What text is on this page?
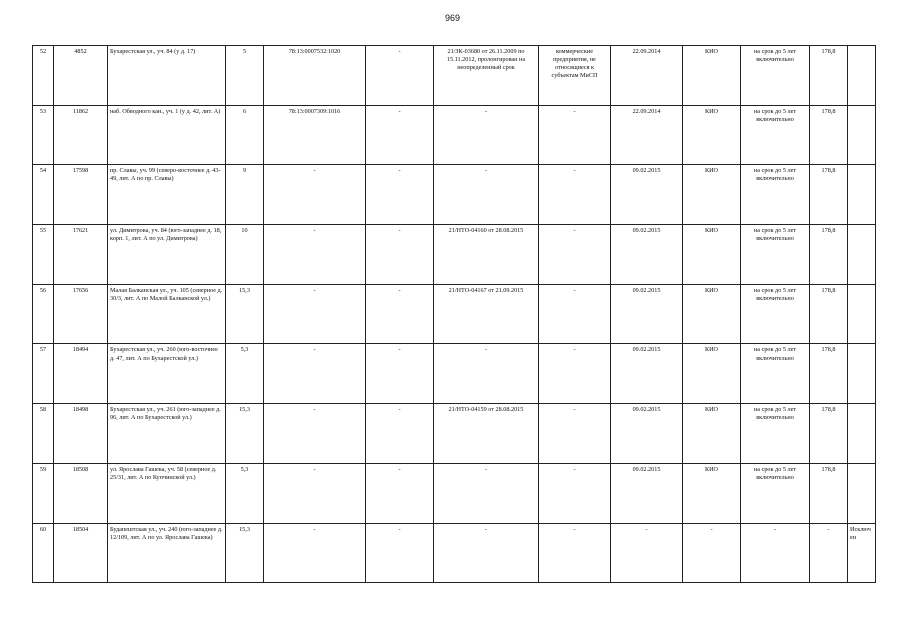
969
52	4852	Бухарестская ул., уч. 84 (у д. 17)	5	78:13:0007532:1020	-	21/ЗК-03680 от 26.11.2009 по 15.11.2012, пролонгирован на неопределенный срок	коммерческие предприятия, не относящиеся к субъектам МиСП	22.09.2014	КИО	на срок до 5 лет включительно	178,8	
53	11862	наб. Обводного кан., уч. 1 (у д. 42, лит. А)	6	78:13:0007309:1016	-	-	-	22.09.2014	КИО	на срок до 5 лет включительно	178,8	
54	17598	пр. Славы, уч. 99 (северо-восточнее д. 43-49, лит. А по пр. Славы)	9	-	-	-	-	09.02.2015	КИО	на срок до 5 лет включительно	178,8	
55	17621	ул. Димитрова, уч. 84 (юго-западнее д. 18, корп. 1, лит. А по ул. Димитрова)	10	-	-	21/НТО-04160 от 28.08.2015	-	09.02.2015	КИО	на срок до 5 лет включительно	178,8	
56	17656	Малая Балканская ул., уч. 105 (северное д. 30/3, лит. А по Малой Балканской ул.)	15,3	-	-	21/НТО-04167 от 21.09.2015	-	09.02.2015	КИО	на срок до 5 лет включительно	178,8	
57	18494	Бухарестская ул., уч. 260 (юго-восточнее д. 47, лит. А по Бухарестской ул.)	5,3	-	-	-	-	09.02.2015	КИО	на срок до 5 лет включительно	178,8	
58	18498	Бухарестская ул., уч. 261 (юго-западнее д. 96, лит. А по Бухарестской ул.)	15,3	-	-	21/НТО-04159 от 28.08.2015	-	09.02.2015	КИО	на срок до 5 лет включительно	178,8	
59	18508	ул. Ярослава Гашека, уч. 58 (северное д. 25/31, лит. А по Купчинской ул.)	5,3	-	-	-	-	09.02.2015	КИО	на срок до 5 лет включительно	178,8	
60	18504	Будапештская ул., уч. 240 (юго-западнее д. 12/109, лит. А по ул. Ярослава Гашека)	15,3	-	-	-	-	-	-	-	-	Исключен
